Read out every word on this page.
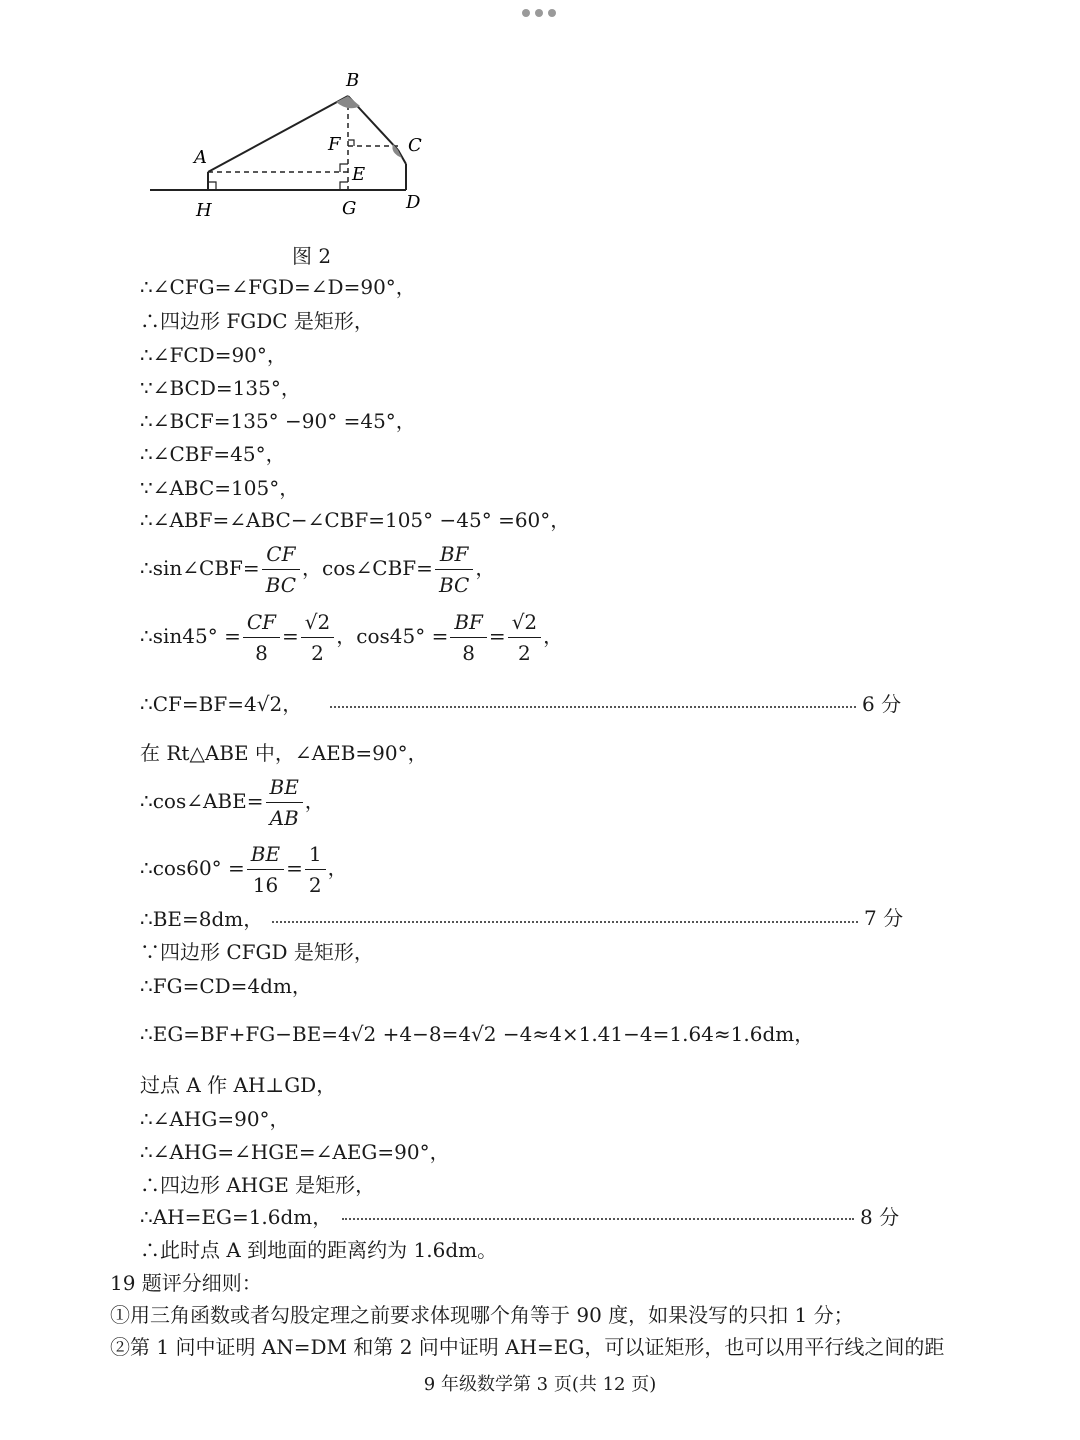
B
A
C
D
E
F
G
H
图 2
∴∠CFG=∠FGD=∠D=90°，
∴四边形 FGDC 是矩形，
∴∠FCD=90°，
∵∠BCD=135°，
∴∠BCF=135° −90° =45°，
∴∠CBF=45°，
∵∠ABC=105°，
∴∠ABF=∠ABC−∠CBF=105° −45° =60°，
∴sin∠CBF= $\frac{CF}{BC}$ ，cos∠CBF= $\frac{BF}{BC}$ ，
∴sin45° = $\frac{CF}{8} = \frac{√2}{2}$ ，$\cos 45^\circ = \frac{BF}{8} = \frac{√2}{2}$ ，
∴CF=BF=4√2，	6 分
在 Rt△ABE 中，∠AEB=90°，
∴cos∠ABE= $\frac{BE}{AB}$ ，
∴cos60° = $\frac{BE}{16} = \frac{1}{2}$ ，
∴BE=8dm，	7 分
∵四边形 CFGD 是矩形，
∴FG=CD=4dm，
∴EG=BF+FG−BE=4√2 +4−8=4√2 −4≈4×1.41−4=1.64≈1.6dm，
过点 A 作 AH⊥GD，
∴∠AHG=90°，
∴∠AHG=∠HGE=∠AEG=90°，
∴四边形 AHGE 是矩形，
∴AH=EG=1.6dm，	8 分
∴此时点 A 到地面的距离约为 1.6dm。
19 题评分细则：
①用三角函数或者勾股定理之前要求体现哪个角等于 90 度，如果没写的只扣 1 分；
②第 1 问中证明 AN=DM 和第 2 问中证明 AH=EG，可以证矩形，也可以用平行线之间的距
9 年级数学第 3 页(共 12 页)
